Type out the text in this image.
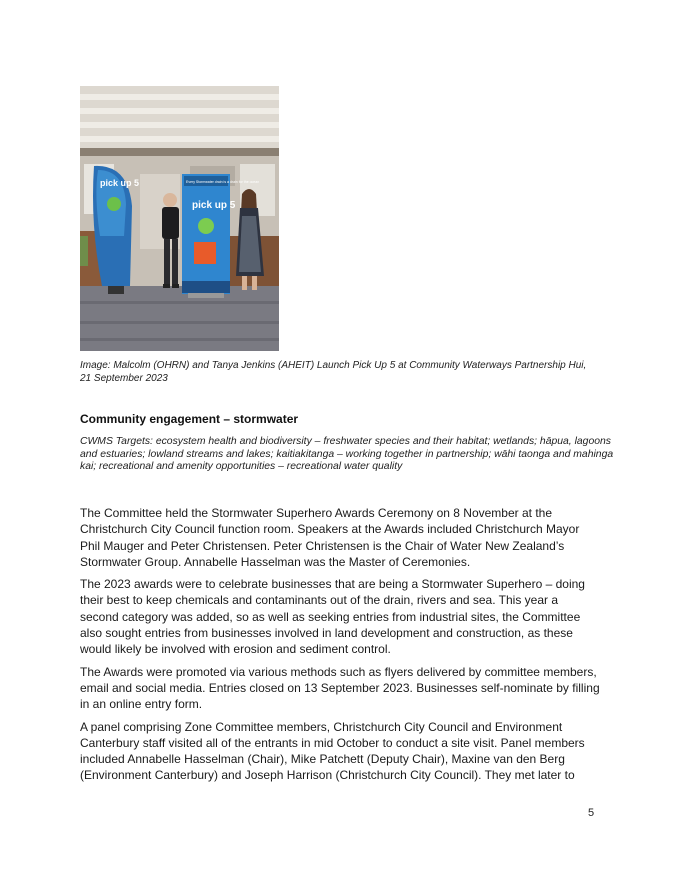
pick up 5	Every Stormwater drain is a drain for the ocean
pick up 5
Image: Malcolm (OHRN) and Tanya Jenkins (AHEIT) Launch Pick Up 5 at Community Waterways Partnership Hui,
21 September 2023
Community engagement – stormwater
CWMS Targets: ecosystem health and biodiversity – freshwater species and their habitat; wetlands; hāpua, lagoons and estuaries; lowland streams and lakes; kaitiakitanga – working together in partnership; wāhi taonga and mahinga kai; recreational and amenity opportunities – recreational water quality

The Committee held the Stormwater Superhero Awards Ceremony on 8 November at the Christchurch City Council function room. Speakers at the Awards included Christchurch Mayor Phil Mauger and Peter Christensen. Peter Christensen is the Chair of Water New Zealand’s Stormwater Group. Annabelle Hasselman was the Master of Ceremonies.

The 2023 awards were to celebrate businesses that are being a Stormwater Superhero – doing their best to keep chemicals and contaminants out of the drain, rivers and sea. This year a second category was added, so as well as seeking entries from industrial sites, the Committee also sought entries from businesses involved in land development and construction, as these would likely be involved with erosion and sediment control.

The Awards were promoted via various methods such as flyers delivered by committee members, email and social media. Entries closed on 13 September 2023. Businesses self-nominate by filling in an online entry form.

A panel comprising Zone Committee members, Christchurch City Council and Environment Canterbury staff visited all of the entrants in mid October to conduct a site visit. Panel members included Annabelle Hasselman (Chair), Mike Patchett (Deputy Chair), Maxine van den Berg (Environment Canterbury) and Joseph Harrison (Christchurch City Council). They met later to

5
